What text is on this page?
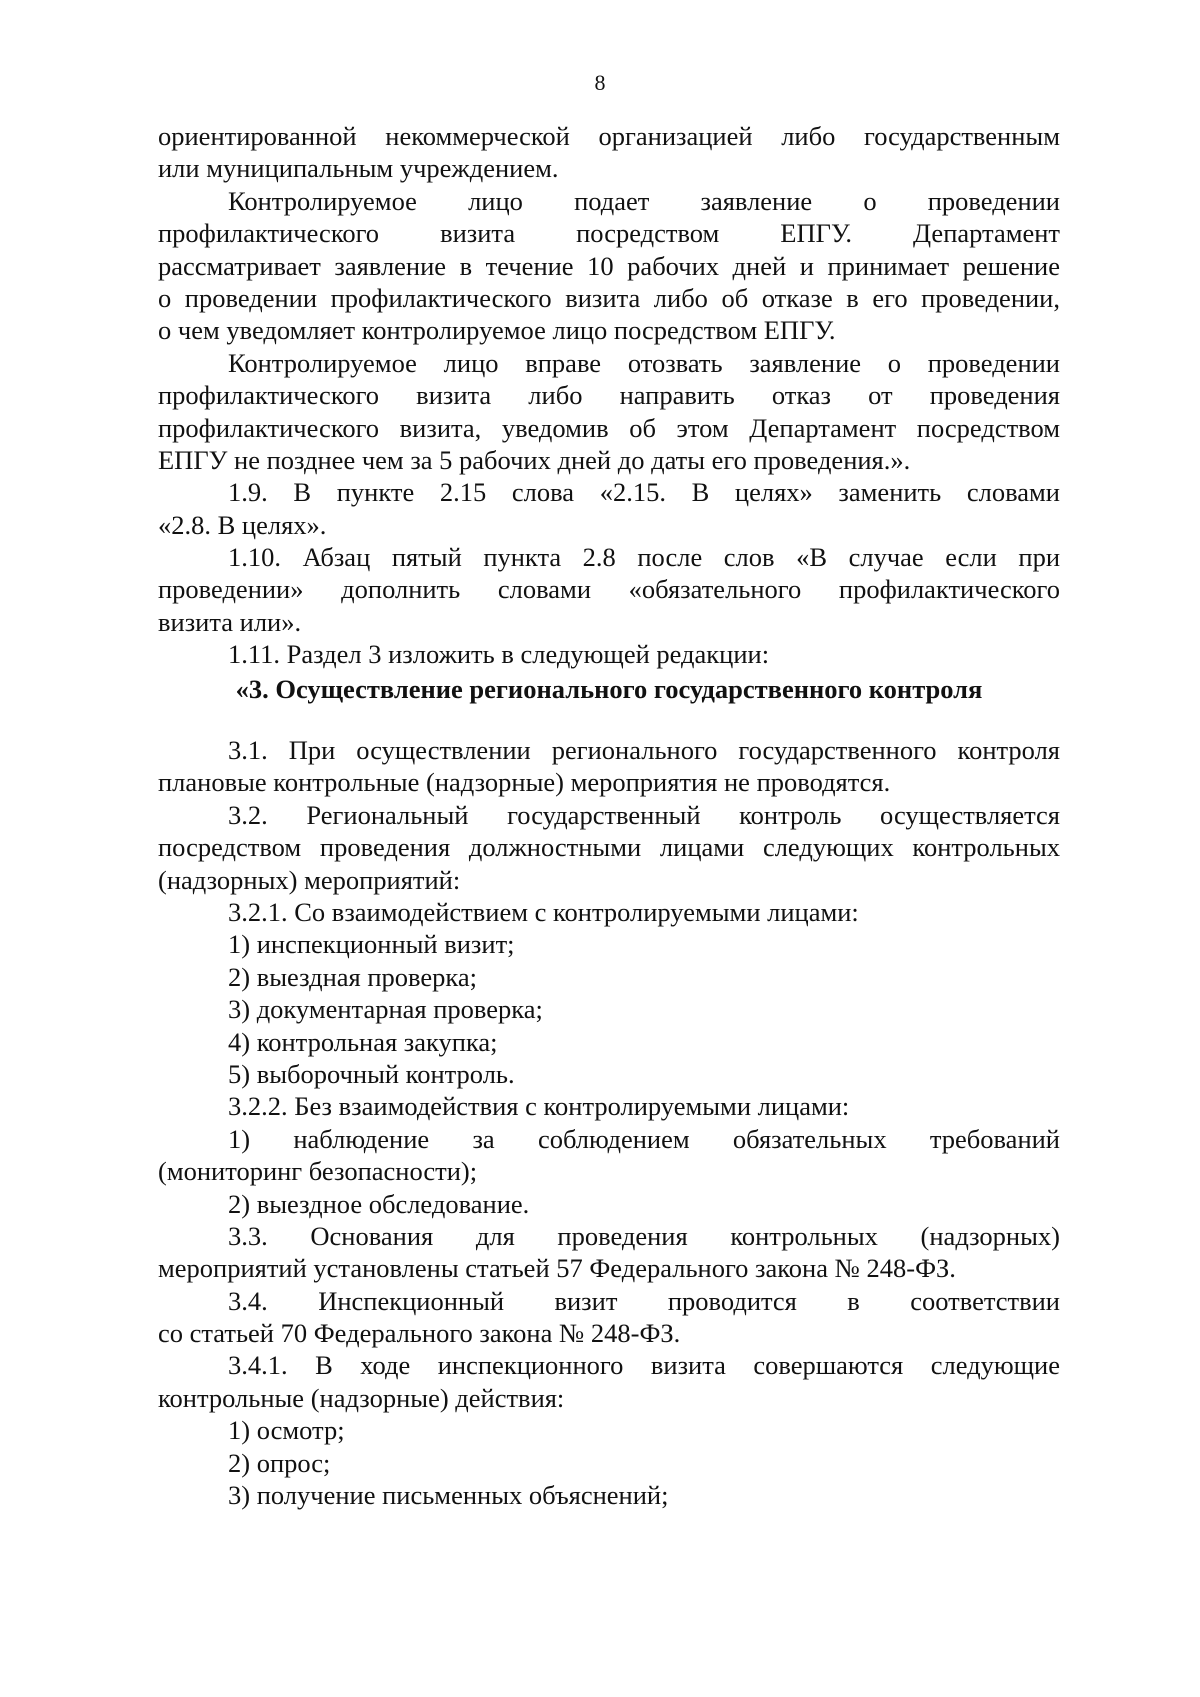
8
ориентированной некоммерческой организацией либо государственным
или муниципальным учреждением.
Контролируемое лицо подает заявление о проведении
профилактического визита посредством ЕПГУ. Департамент
рассматривает заявление в течение 10 рабочих дней и принимает решение
о проведении профилактического визита либо об отказе в его проведении,
о чем уведомляет контролируемое лицо посредством ЕПГУ.
Контролируемое лицо вправе отозвать заявление о проведении
профилактического визита либо направить отказ от проведения
профилактического визита, уведомив об этом Департамент посредством
ЕПГУ не позднее чем за 5 рабочих дней до даты его проведения.».
1.9. В пункте 2.15 слова «2.15. В целях» заменить словами
«2.8. В целях».
1.10. Абзац пятый пункта 2.8 после слов «В случае если при
проведении» дополнить словами «обязательного профилактического
визита или».
1.11. Раздел 3 изложить в следующей редакции:
«3. Осуществление регионального государственного контроля
3.1. При осуществлении регионального государственного контроля
плановые контрольные (надзорные) мероприятия не проводятся.
3.2. Региональный государственный контроль осуществляется
посредством проведения должностными лицами следующих контрольных
(надзорных) мероприятий:
3.2.1. Со взаимодействием с контролируемыми лицами:
1) инспекционный визит;
2) выездная проверка;
3) документарная проверка;
4) контрольная закупка;
5) выборочный контроль.
3.2.2. Без взаимодействия с контролируемыми лицами:
1) наблюдение за соблюдением обязательных требований
(мониторинг безопасности);
2) выездное обследование.
3.3. Основания для проведения контрольных (надзорных)
мероприятий установлены статьей 57 Федерального закона № 248-ФЗ.
3.4. Инспекционный визит проводится в соответствии
со статьей 70 Федерального закона № 248-ФЗ.
3.4.1. В ходе инспекционного визита совершаются следующие
контрольные (надзорные) действия:
1) осмотр;
2) опрос;
3) получение письменных объяснений;
